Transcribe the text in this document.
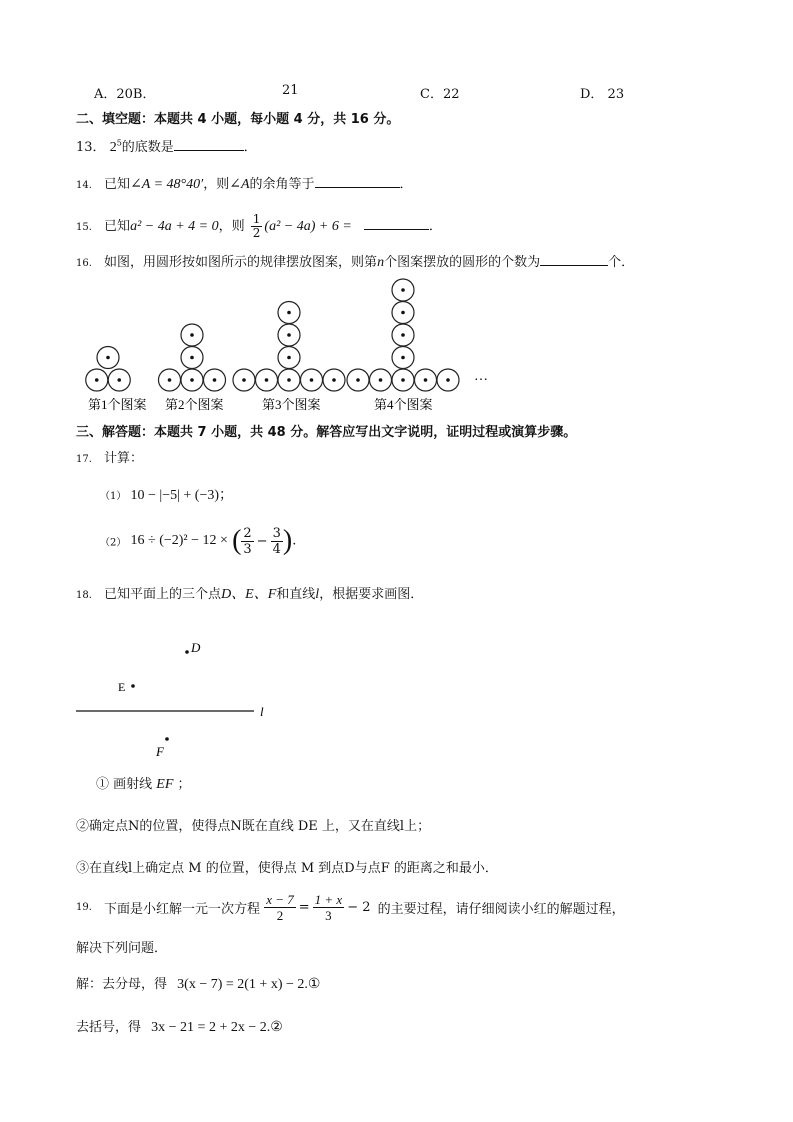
A．20B．	21	C．22	D． 23
二、填空题：本题共 4 小题，每小题 4 分，共 16 分。
13． $2^5$的底数是	．
14. 已知∠A = 48°40′，则∠A的余角等于	．
15. 已知a² − 4a + 4 = 0，则 $\frac{1}{2} (a^2 - 4a) + 6$ =	．
16. 如图，用圆形按如图所示的规律摆放图案，则第n个图案摆放的圆形的个数为	个．
第1个图案 第2个图案	第3个图案	第4个图案
…
三、解答题：本题共 7 小题，共 48 分。解答应写出文字说明，证明过程或演算步骤。
17. 计算：
（1） 10 − |−5| + (−3)；
（2） 16 ÷ (−2)² − 12 × ( $\frac{2}{3} - \frac{3}{4}$ ).
18. 已知平面上的三个点D、E、F和直线l，根据要求画图．
D
E
l
F
① 画射线 EF ；
②确定点N的位置，使得点N既在直线 DE 上，又在直线l上；
③在直线l上确定点 M 的位置，使得点 M 到点D与点F 的距离之和最小．
19. 下面是小红解一元一次方程 $\frac{x - 7}{2} = \frac{1 + x}{3} - 2$ 的主要过程，请仔细阅读小红的解题过程，
解决下列问题．
解：去分母，得 3(x − 7) = 2(1 + x) − 2.①
去括号，得 3x − 21 = 2 + 2x − 2.②
